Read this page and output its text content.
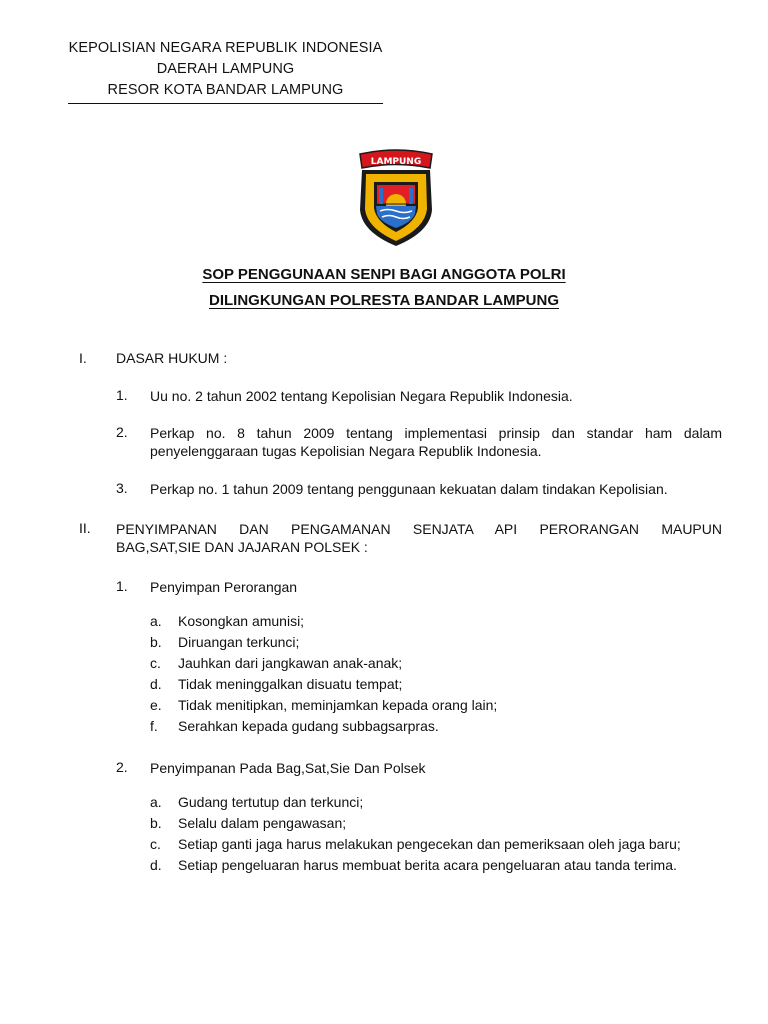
KEPOLISIAN NEGARA REPUBLIK INDONESIA
DAERAH LAMPUNG
RESOR KOTA BANDAR LAMPUNG
LAMPUNG
SOP PENGGUNAAN SENPI BAGI ANGGOTA POLRI
DILINGKUNGAN POLRESTA BANDAR LAMPUNG
I. DASAR HUKUM :
1. Uu no. 2 tahun 2002 tentang Kepolisian Negara Republik Indonesia.
2. Perkap no. 8 tahun 2009 tentang implementasi prinsip dan standar ham dalam
penyelenggaraan tugas Kepolisian Negara Republik Indonesia.
3. Perkap no. 1 tahun 2009 tentang penggunaan kekuatan dalam tindakan Kepolisian.
II. PENYIMPANAN DAN PENGAMANAN SENJATA API PERORANGAN MAUPUN
BAG,SAT,SIE DAN JAJARAN POLSEK :
1. Penyimpan Perorangan
a. Kosongkan amunisi;
b. Diruangan terkunci;
c. Jauhkan dari jangkawan anak-anak;
d. Tidak meninggalkan disuatu tempat;
e. Tidak menitipkan, meminjamkan kepada orang lain;
f. Serahkan kepada gudang subbagsarpras.
2. Penyimpanan Pada Bag,Sat,Sie Dan Polsek
a. Gudang tertutup dan terkunci;
b. Selalu dalam pengawasan;
c. Setiap ganti jaga harus melakukan pengecekan dan pemeriksaan oleh jaga baru;
d. Setiap pengeluaran harus membuat berita acara pengeluaran atau tanda terima.
